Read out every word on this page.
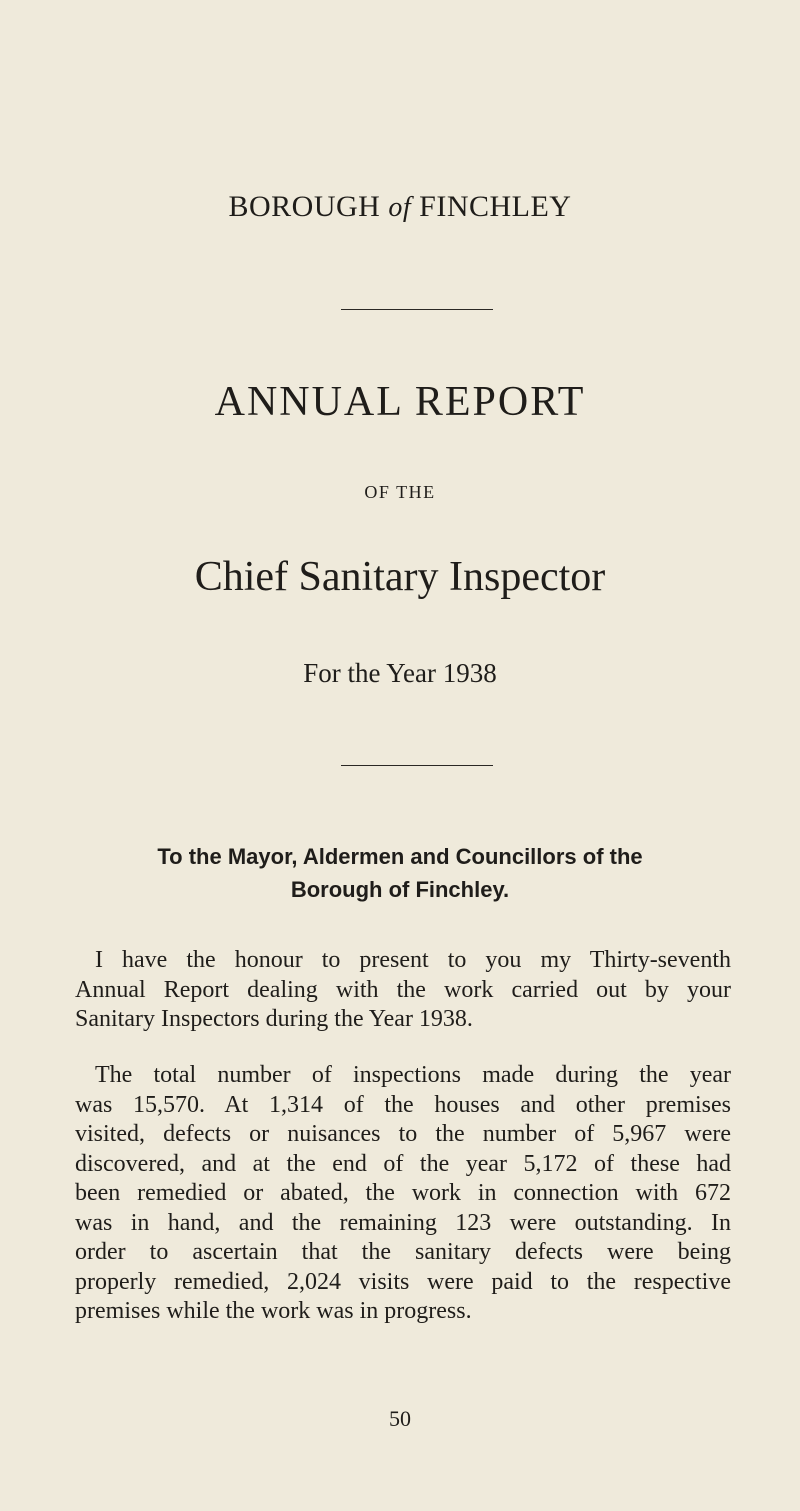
BOROUGH of FINCHLEY
ANNUAL REPORT
OF THE
Chief Sanitary Inspector
For the Year 1938
To the Mayor, Aldermen and Councillors of the
Borough of Finchley.
I have the honour to present to you my Thirty-seventh
Annual Report dealing with the work carried out by your
Sanitary Inspectors during the Year 1938.
The total number of inspections made during the year
was 15,570. At 1,314 of the houses and other premises
visited, defects or nuisances to the number of 5,967 were
discovered, and at the end of the year 5,172 of these had
been remedied or abated, the work in connection with 672
was in hand, and the remaining 123 were outstanding. In
order to ascertain that the sanitary defects were being
properly remedied, 2,024 visits were paid to the respective
premises while the work was in progress.
50
